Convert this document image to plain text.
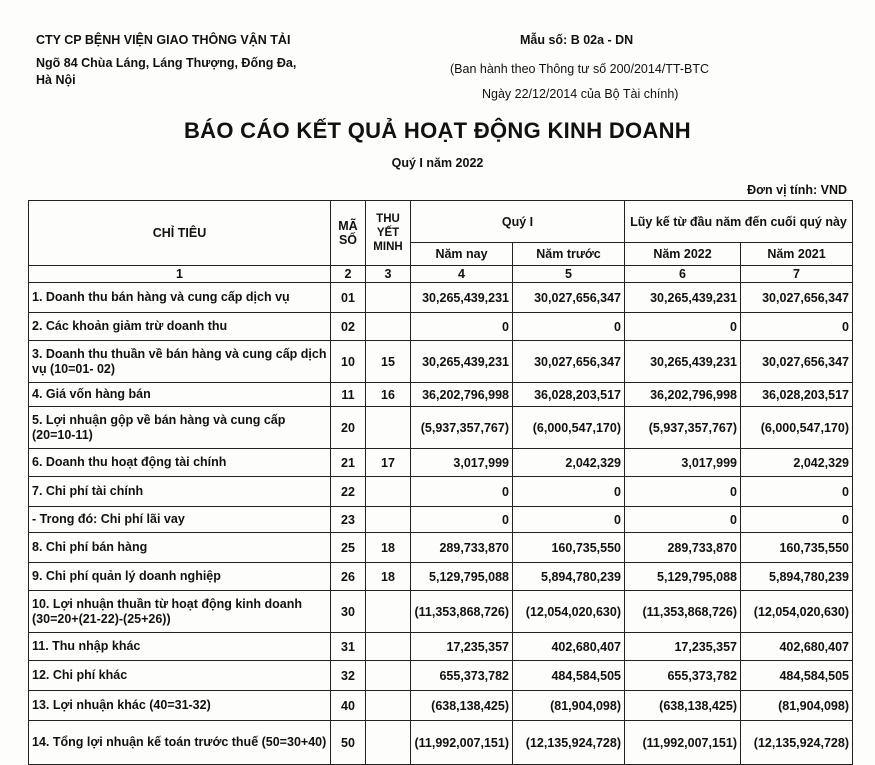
CTY CP BỆNH VIỆN GIAO THÔNG VẬN TẢI
Ngõ 84 Chùa Láng, Láng Thượng, Đống Đa,
Hà Nội
Mẫu số: B 02a - DN
(Ban hành theo Thông tư số 200/2014/TT-BTC
Ngày 22/12/2014 của Bộ Tài chính)
BÁO CÁO KẾT QUẢ HOẠT ĐỘNG KINH DOANH
Quý I năm 2022
Đơn vị tính: VND
CHỈ TIÊU	MÃ SỐ	THU YẾT MINH	Quý I		Lũy kế từ đầu năm đến cuối quý này	
			Năm nay	Năm trước	Năm 2022	Năm 2021
1	2	3	4	5	6	7
1. Doanh thu bán hàng và cung cấp dịch vụ	01		30,265,439,231	30,027,656,347	30,265,439,231	30,027,656,347
2. Các khoản giảm trừ doanh thu	02		0	0	0	0
3. Doanh thu thuần về bán hàng và cung cấp dịch vụ (10=01- 02)	10	15	30,265,439,231	30,027,656,347	30,265,439,231	30,027,656,347
4. Giá vốn hàng bán	11	16	36,202,796,998	36,028,203,517	36,202,796,998	36,028,203,517
5. Lợi nhuận gộp về bán hàng và cung cấp (20=10-11)	20		(5,937,357,767)	(6,000,547,170)	(5,937,357,767)	(6,000,547,170)
6. Doanh thu hoạt động tài chính	21	17	3,017,999	2,042,329	3,017,999	2,042,329
7. Chi phí tài chính	22		0	0	0	0
- Trong đó: Chi phí lãi vay	23		0	0	0	0
8. Chi phí bán hàng	25	18	289,733,870	160,735,550	289,733,870	160,735,550
9. Chi phí quản lý doanh nghiệp	26	18	5,129,795,088	5,894,780,239	5,129,795,088	5,894,780,239
10. Lợi nhuận thuần từ hoạt động kinh doanh (30=20+(21-22)-(25+26))	30		(11,353,868,726)	(12,054,020,630)	(11,353,868,726)	(12,054,020,630)
11. Thu nhập khác	31		17,235,357	402,680,407	17,235,357	402,680,407
12. Chi phí khác	32		655,373,782	484,584,505	655,373,782	484,584,505
13. Lợi nhuận khác (40=31-32)	40		(638,138,425)	(81,904,098)	(638,138,425)	(81,904,098)
14. Tổng lợi nhuận kế toán trước thuế (50=30+40)	50		(11,992,007,151)	(12,135,924,728)	(11,992,007,151)	(12,135,924,728)
